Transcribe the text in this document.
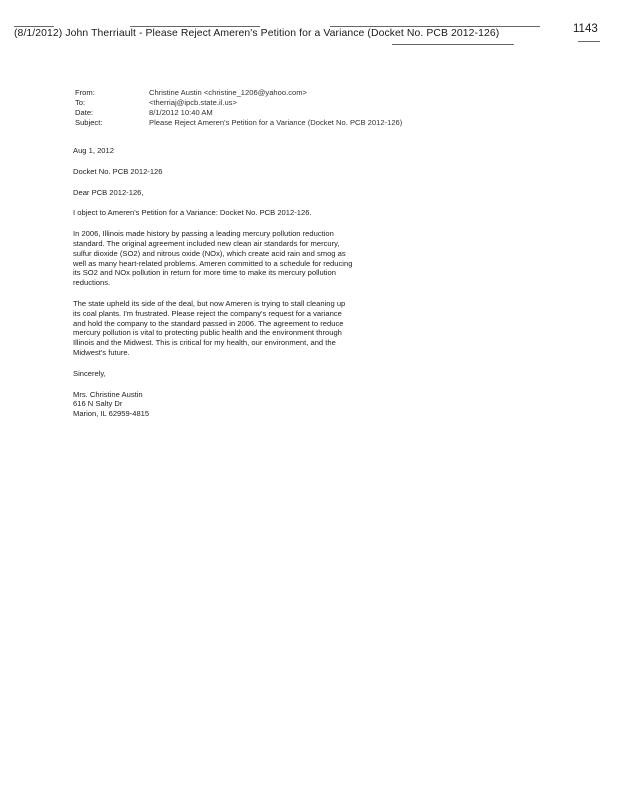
(8/1/2012) John Therriault - Please Reject Ameren's Petition for a Variance (Docket No. PCB 2012-126)	1143
From:	Christine Austin <christine_1206@yahoo.com>
To:	<therriaj@ipcb.state.il.us>
Date:	8/1/2012 10:40 AM
Subject:	Please Reject Ameren's Petition for a Variance (Docket No. PCB 2012-126)

Aug 1, 2012

Docket No. PCB 2012-126

Dear PCB 2012-126,

I object to Ameren's Petition for a Variance: Docket No. PCB 2012-126.

In 2006, Illinois made history by passing a leading mercury pollution reduction standard. The original agreement included new clean air standards for mercury, sulfur dioxide (SO2) and nitrous oxide (NOx), which create acid rain and smog as well as many heart-related problems. Ameren committed to a schedule for reducing its SO2 and NOx pollution in return for more time to make its mercury pollution reductions.

The state upheld its side of the deal, but now Ameren is trying to stall cleaning up its coal plants. I'm frustrated. Please reject the company's request for a variance and hold the company to the standard passed in 2006. The agreement to reduce mercury pollution is vital to protecting public health and the environment through Illinois and the Midwest. This is critical for my health, our environment, and the Midwest's future.

Sincerely,

Mrs. Christine Austin
616 N Salty Dr
Marion, IL 62959-4815
